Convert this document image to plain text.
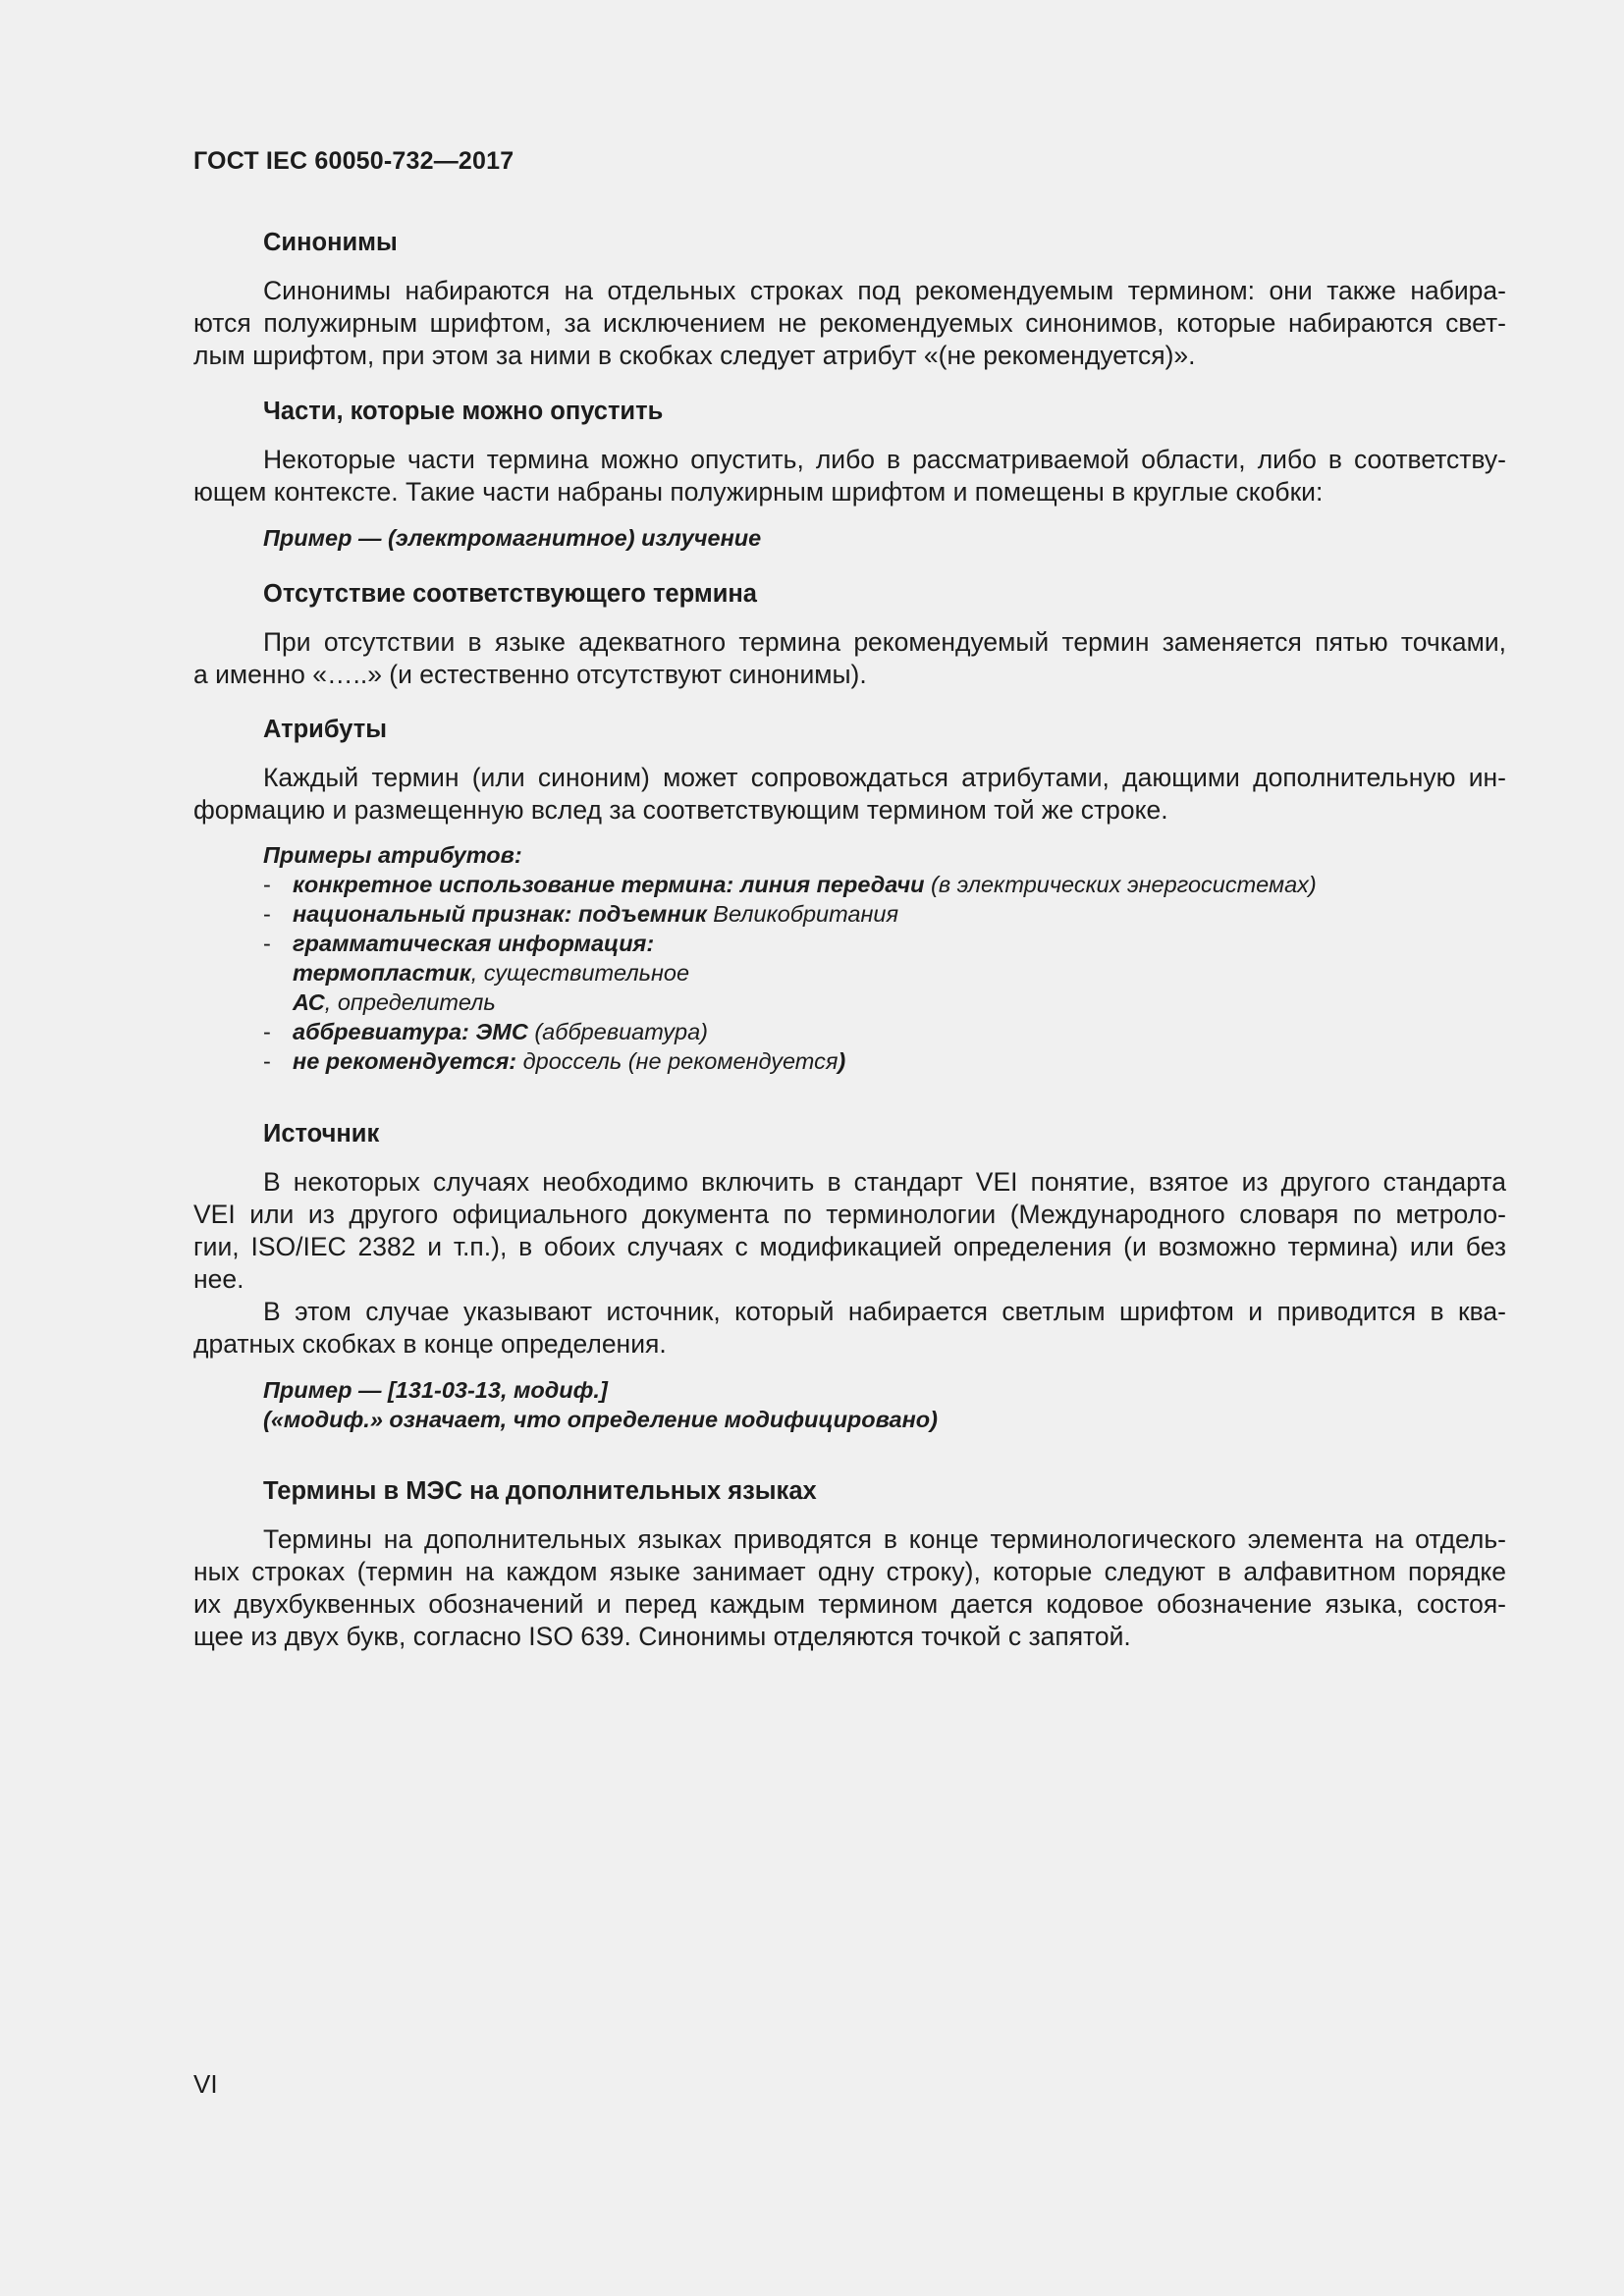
ГОСТ IEC 60050-732—2017

Синонимы

Синонимы набираются на отдельных строках под рекомендуемым термином: они также набира-

ются полужирным шрифтом, за исключением не рекомендуемых синонимов, которые набираются свет-

лым шрифтом, при этом за ними в скобках следует атрибут «(не рекомендуется)».

Части, которые можно опустить

Некоторые части термина можно опустить, либо в рассматриваемой области, либо в соответству-

ющем контексте. Такие части набраны полужирным шрифтом и помещены в круглые скобки:

Пример — (электромагнитное) излучение

Отсутствие соответствующего термина

При отсутствии в языке адекватного термина рекомендуемый термин заменяется пятью точками,

а именно «…..» (и естественно отсутствуют синонимы).

Атрибуты

Каждый термин (или синоним) может сопровождаться атрибутами, дающими дополнительную ин-

формацию и размещенную вслед за соответствующим термином той же строке.

Примеры атрибутов:

- конкретное использование термина: линия передачи (в электрических энергосистемах)

- национальный признак: подъемник Великобритания

- грамматическая информация:

термопластик, существительное

АС, определитель

- аббревиатура: ЭМС (аббревиатура)

- не рекомендуется: дроссель (не рекомендуется)

Источник

В некоторых случаях необходимо включить в стандарт VEI понятие, взятое из другого стандарта

VEI или из другого официального документа по терминологии (Международного словаря по метроло-

гии, ISO/IEC 2382 и т.п.), в обоих случаях с модификацией определения (и возможно термина) или без

нее.

В этом случае указывают источник, который набирается светлым шрифтом и приводится в ква-

дратных скобках в конце определения.

Пример — [131-03-13, модиф.]

(«модиф.» означает, что определение модифицировано)

Термины в МЭС на дополнительных языках

Термины на дополнительных языках приводятся в конце терминологического элемента на отдель-

ных строках (термин на каждом языке занимает одну строку), которые следуют в алфавитном порядке

их двухбуквенных обозначений и перед каждым термином дается кодовое обозначение языка, состоя-

щее из двух букв, согласно ISO 639. Синонимы отделяются точкой с запятой.

VI
